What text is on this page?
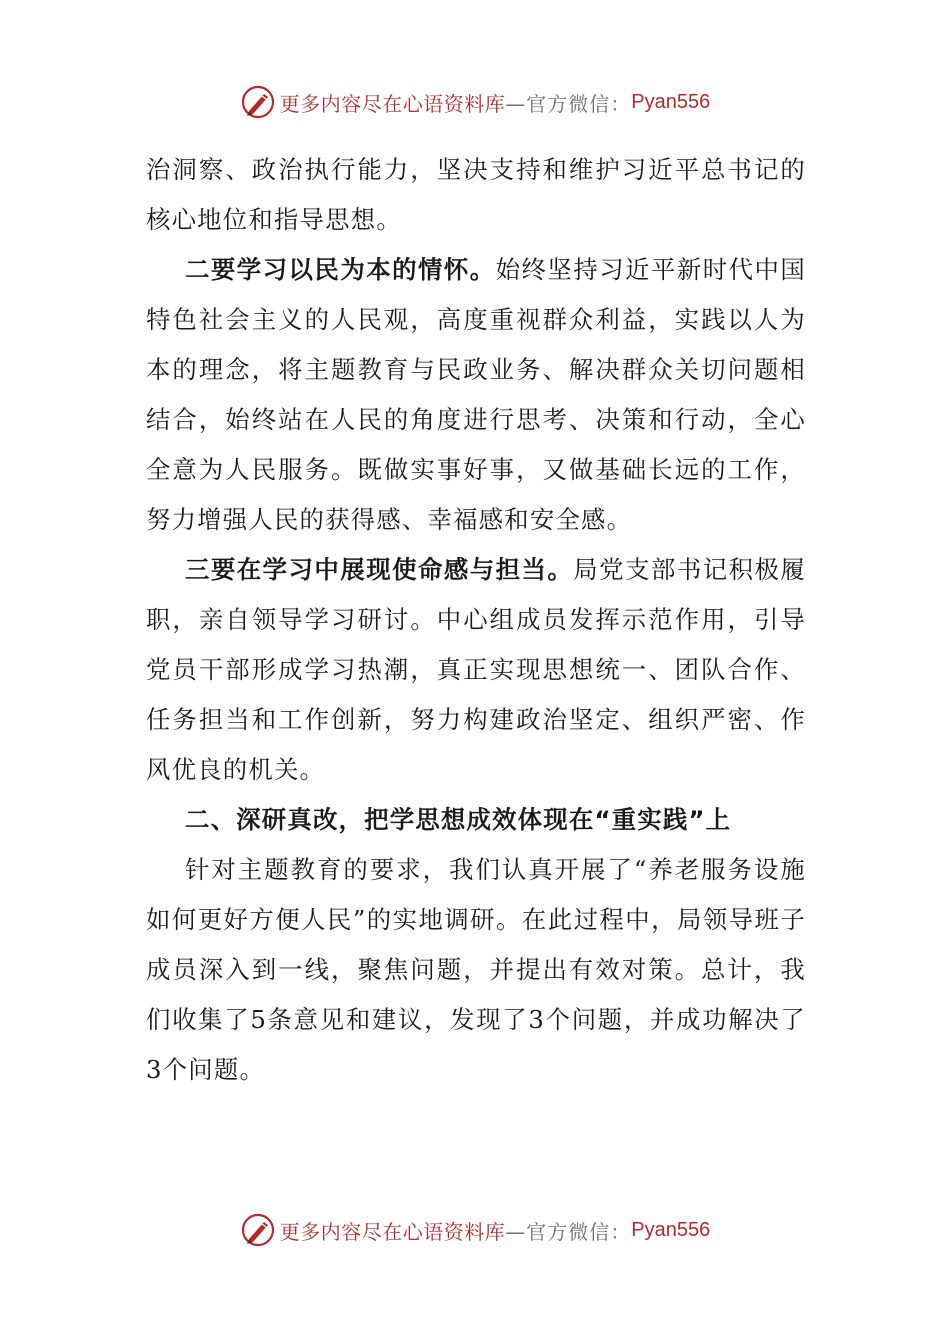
更多内容尽在心语资料库 —官方微信： Pyan556

治洞察、政治执行能力，坚决支持和维护习近平总书记的核心地位和指导思想。

二要学习以民为本的情怀。始终坚持习近平新时代中国特色社会主义的人民观，高度重视群众利益，实践以人为本的理念，将主题教育与民政业务、解决群众关切问题相结合，始终站在人民的角度进行思考、决策和行动，全心全意为人民服务。既做实事好事，又做基础长远的工作，努力增强人民的获得感、幸福感和安全感。

三要在学习中展现使命感与担当。局党支部书记积极履职，亲自领导学习研讨。中心组成员发挥示范作用，引导党员干部形成学习热潮，真正实现思想统一、团队合作、任务担当和工作创新，努力构建政治坚定、组织严密、作风优良的机关。

二、深研真改，把学思想成效体现在“重实践”上

针对主题教育的要求，我们认真开展了“养老服务设施如何更好方便人民”的实地调研。在此过程中，局领导班子成员深入到一线，聚焦问题，并提出有效对策。总计，我们收集了5条意见和建议，发现了3个问题，并成功解决了3个问题。

更多内容尽在心语资料库 —官方微信： Pyan556
